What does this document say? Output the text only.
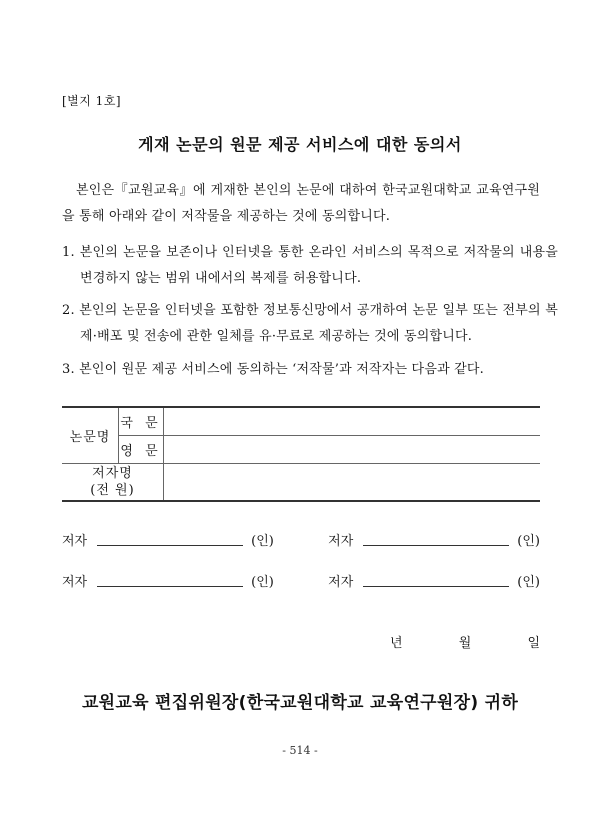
[별지 1호]
게재 논문의 원문 제공 서비스에 대한 동의서
본인은『교원교육』에 게재한 본인의 논문에 대하여 한국교원대학교 교육연구원을 통해 아래와 같이 저작물을 제공하는 것에 동의합니다.
1. 본인의 논문을 보존이나 인터넷을 통한 온라인 서비스의 목적으로 저작물의 내용을 변경하지 않는 범위 내에서의 복제를 허용합니다.
2. 본인의 논문을 인터넷을 포함한 정보통신망에서 공개하여 논문 일부 또는 전부의 복제·배포 및 전송에 관한 일체를 유·무료로 제공하는 것에 동의합니다.
3. 본인이 원문 제공 서비스에 동의하는 ‘저작물’과 저작자는 다음과 같다.
논문명	국 문	
	영 문	

저자명
(전 원)		

저자	(인)	저자	(인)
저자	(인)	저자	(인)
년	월	일
교원교육 편집위원장(한국교원대학교 교육연구원장) 귀하
- 514 -
